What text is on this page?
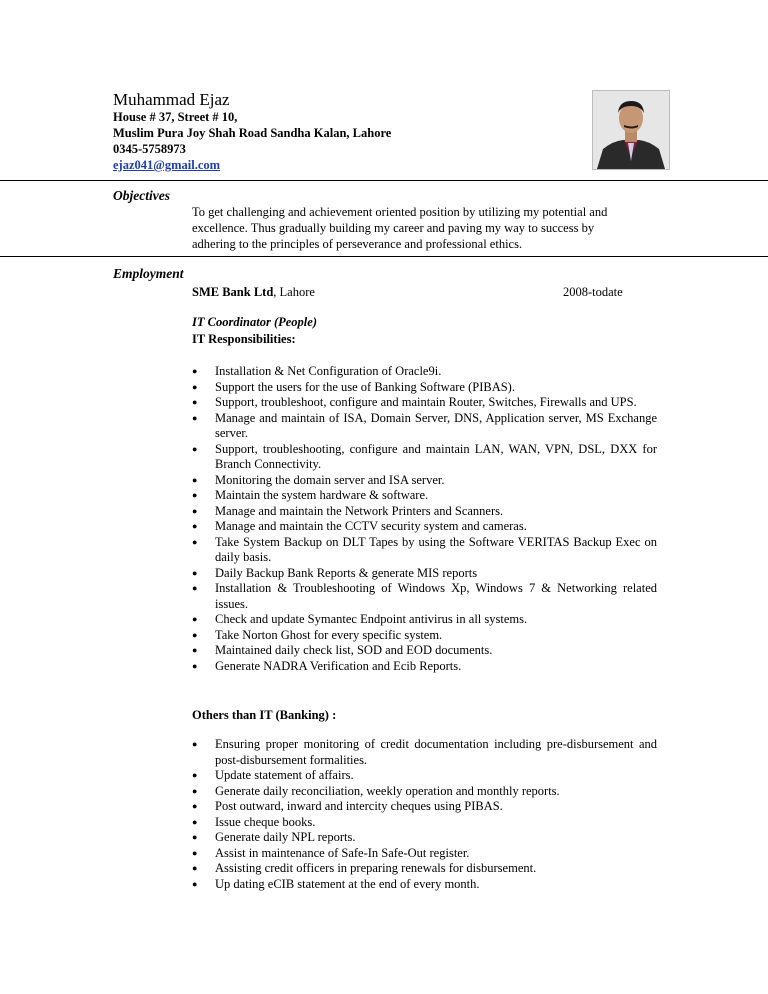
Muhammad Ejaz
House # 37, Street # 10,
Muslim Pura Joy Shah Road Sandha Kalan, Lahore
0345-5758973
ejaz041@gmail.com
Objectives
To get challenging and achievement oriented position by utilizing my potential and
excellence. Thus gradually building my career and paving my way to success by
adhering to the principles of perseverance and professional ethics.
Employment
SME Bank Ltd, Lahore	2008-todate
IT Coordinator (People)
IT Responsibilities:
● Installation & Net Configuration of Oracle9i.
● Support the users for the use of Banking Software (PIBAS).
● Support, troubleshoot, configure and maintain Router, Switches, Firewalls and UPS.
● Manage and maintain of ISA, Domain Server, DNS, Application server, MS Exchange server.
● Support, troubleshooting, configure and maintain LAN, WAN, VPN, DSL, DXX for Branch Connectivity.
● Monitoring the domain server and ISA server.
● Maintain the system hardware & software.
● Manage and maintain the Network Printers and Scanners.
● Manage and maintain the CCTV security system and cameras.
● Take System Backup on DLT Tapes by using the Software VERITAS Backup Exec on daily basis.
● Daily Backup Bank Reports & generate MIS reports
● Installation & Troubleshooting of Windows Xp, Windows 7 & Networking related issues.
● Check and update Symantec Endpoint antivirus in all systems.
● Take Norton Ghost for every specific system.
● Maintained daily check list, SOD and EOD documents.
● Generate NADRA Verification and Ecib Reports.
Others than IT (Banking) :
● Ensuring proper monitoring of credit documentation including pre-disbursement and post-disbursement formalities.
● Update statement of affairs.
● Generate daily reconciliation, weekly operation and monthly reports.
● Post outward, inward and intercity cheques using PIBAS.
● Issue cheque books.
● Generate daily NPL reports.
● Assist in maintenance of Safe-In Safe-Out register.
● Assisting credit officers in preparing renewals for disbursement.
● Up dating eCIB statement at the end of every month.
